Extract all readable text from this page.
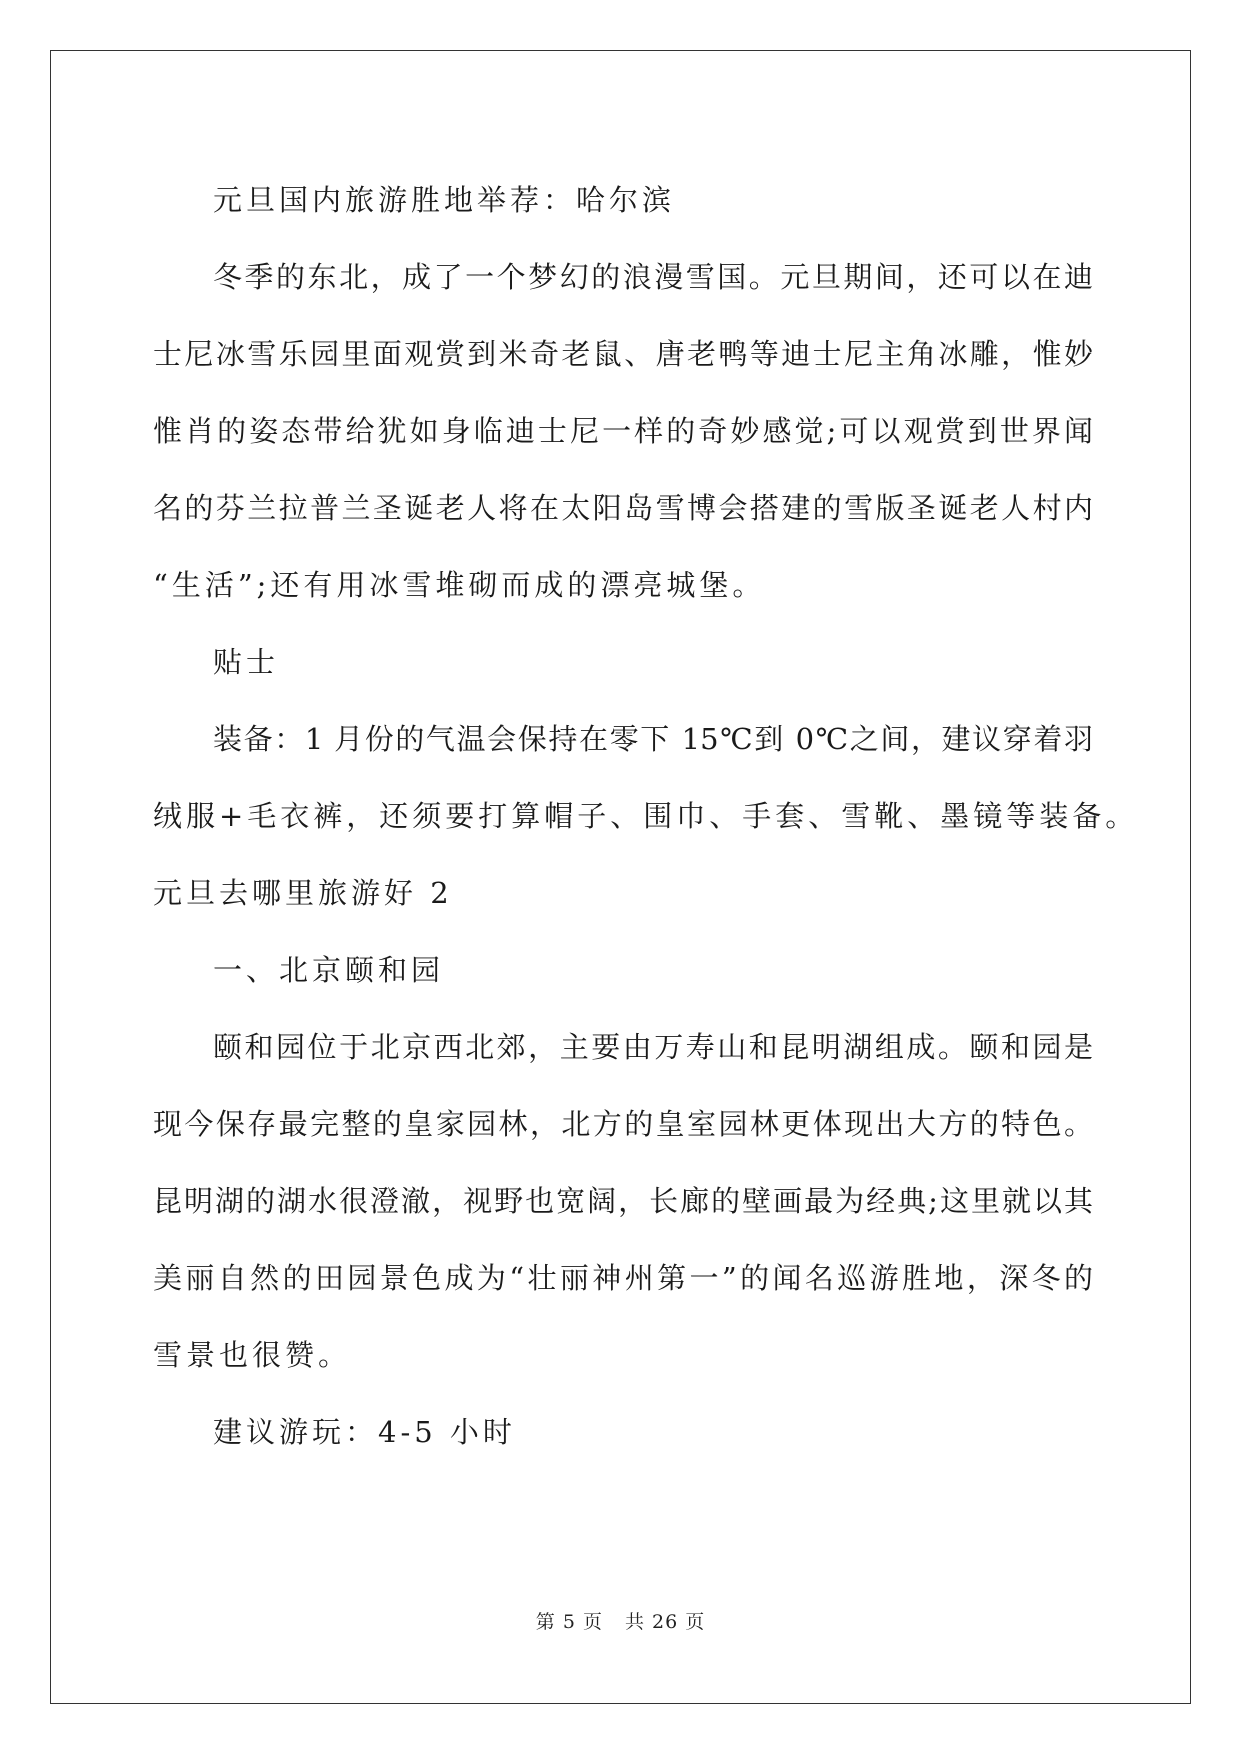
元旦国内旅游胜地举荐：哈尔滨
冬季的东北，成了一个梦幻的浪漫雪国。元旦期间，还可以在迪
士尼冰雪乐园里面观赏到米奇老鼠、唐老鸭等迪士尼主角冰雕，惟妙
惟肖的姿态带给犹如身临迪士尼一样的奇妙感觉;可以观赏到世界闻
名的芬兰拉普兰圣诞老人将在太阳岛雪博会搭建的雪版圣诞老人村内
“生活”;还有用冰雪堆砌而成的漂亮城堡。
贴士
装备：1 月份的气温会保持在零下 15℃到 0℃之间，建议穿着羽
绒服+毛衣裤，还须要打算帽子、围巾、手套、雪靴、墨镜等装备。
元旦去哪里旅游好 2
一、北京颐和园
颐和园位于北京西北郊，主要由万寿山和昆明湖组成。颐和园是
现今保存最完整的皇家园林，北方的皇室园林更体现出大方的特色。
昆明湖的湖水很澄澈，视野也宽阔，长廊的壁画最为经典;这里就以其
美丽自然的田园景色成为“壮丽神州第一”的闻名巡游胜地，深冬的
雪景也很赞。
建议游玩：4-5 小时
第 5 页 共 26 页
